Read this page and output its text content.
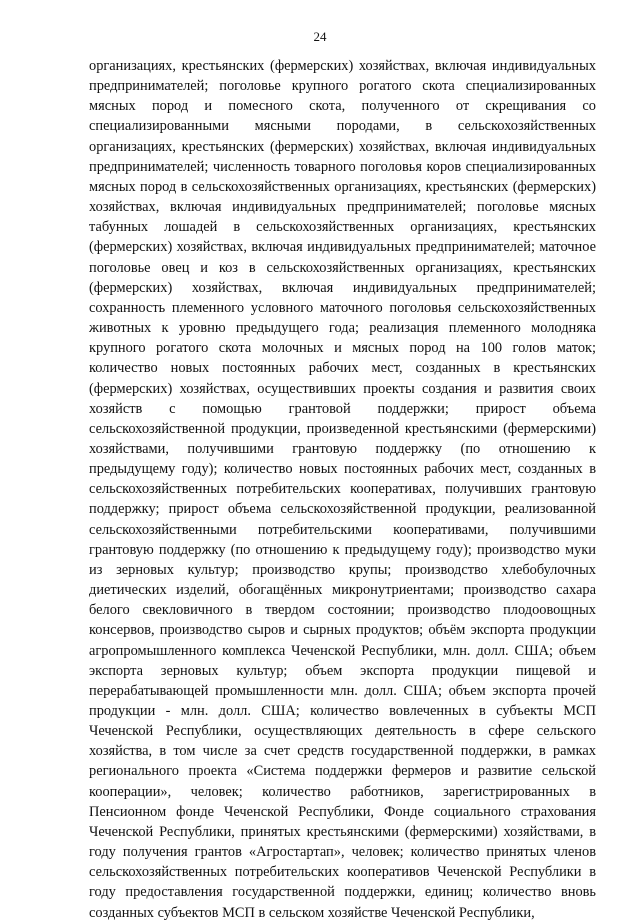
24

организациях, крестьянских (фермерских) хозяйствах, включая индивидуальных предпринимателей; поголовье крупного рогатого скота специализированных мясных пород и помесного скота, полученного от скрещивания со специализированными мясными породами, в сельскохозяйственных организациях, крестьянских (фермерских) хозяйствах, включая индивидуальных предпринимателей; численность товарного поголовья коров специализированных мясных пород в сельскохозяйственных организациях, крестьянских (фермерских) хозяйствах, включая индивидуальных предпринимателей; поголовье мясных табунных лошадей в сельскохозяйственных организациях, крестьянских (фермерских) хозяйствах, включая индивидуальных предпринимателей; маточное поголовье овец и коз в сельскохозяйственных организациях, крестьянских (фермерских) хозяйствах, включая индивидуальных предпринимателей; сохранность племенного условного маточного поголовья сельскохозяйственных животных к уровню предыдущего года; реализация племенного молодняка крупного рогатого скота молочных и мясных пород на 100 голов маток; количество новых постоянных рабочих мест, созданных в крестьянских (фермерских) хозяйствах, осуществивших проекты создания и развития своих хозяйств с помощью грантовой поддержки; прирост объема сельскохозяйственной продукции, произведенной крестьянскими (фермерскими) хозяйствами, получившими грантовую поддержку (по отношению к предыдущему году); количество новых постоянных рабочих мест, созданных в сельскохозяйственных потребительских кооперативах, получивших грантовую поддержку; прирост объема сельскохозяйственной продукции, реализованной сельскохозяйственными потребительскими кооперативами, получившими грантовую поддержку (по отношению к предыдущему году); производство муки из зерновых культур; производство крупы; производство хлебобулочных диетических изделий, обогащённых микронутриентами; производство сахара белого свекловичного в твердом состоянии; производство плодоовощных консервов, производство сыров и сырных продуктов; объём экспорта продукции агропромышленного комплекса Чеченской Республики, млн. долл. США; объем экспорта зерновых культур; объем экспорта продукции пищевой и перерабатывающей промышленности млн. долл. США; объем экспорта прочей продукции - млн. долл. США; количество вовлеченных в субъекты МСП Чеченской Республики, осуществляющих деятельность в сфере сельского хозяйства, в том числе за счет средств государственной поддержки, в рамках регионального проекта «Система поддержки фермеров и развитие сельской кооперации», человек; количество работников, зарегистрированных в Пенсионном фонде Чеченской Республики, Фонде социального страхования Чеченской Республики, принятых крестьянскими (фермерскими) хозяйствами, в году получения грантов «Агростартап», человек; количество принятых членов сельскохозяйственных потребительских кооперативов Чеченской Республики в году предоставления государственной поддержки, единиц; количество вновь созданных субъектов МСП в сельском хозяйстве Чеченской Республики,
